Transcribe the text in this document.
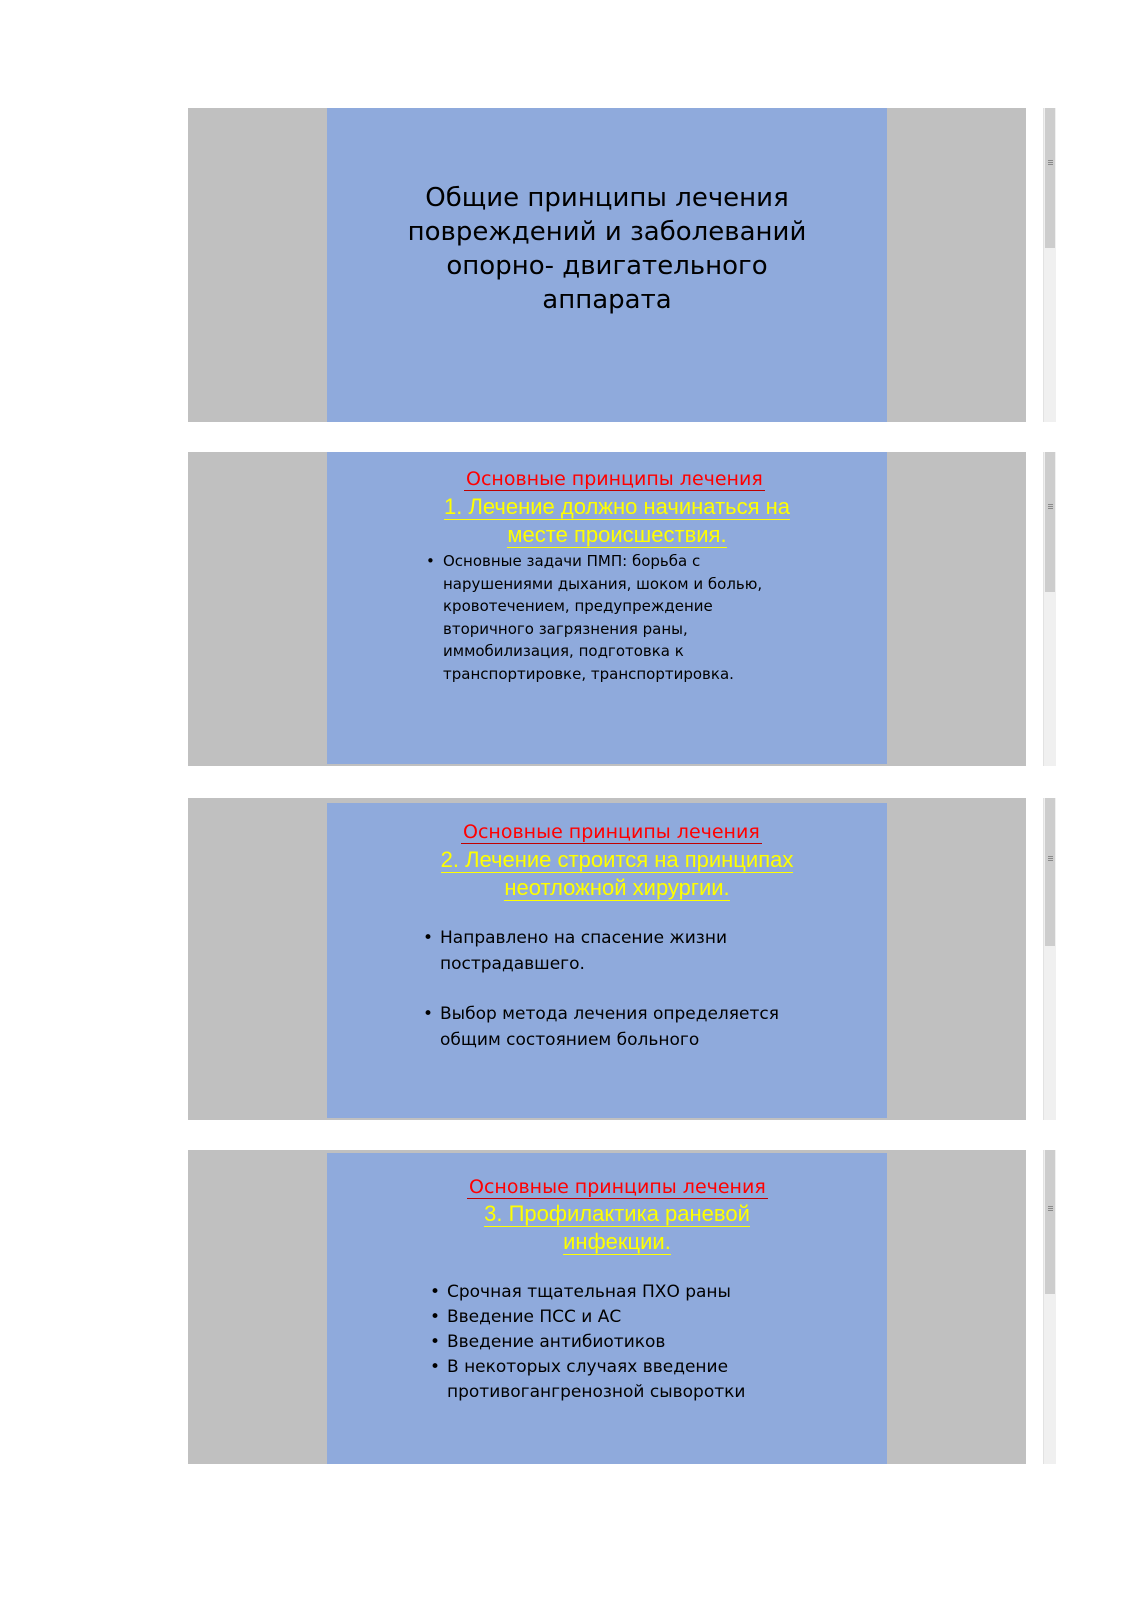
Общие принципы лечения
повреждений и заболеваний
опорно- двигательного
аппарата
Основные принципы лечения
1. Лечение должно начинаться на
месте происшествия.
• Основные задачи ПМП: борьба с нарушениями дыхания, шоком и болью, кровотечением, предупреждение вторичного загрязнения раны, иммобилизация, подготовка к транспортировке, транспортировка.
Основные принципы лечения
2. Лечение строится на принципах
неотложной хирургии.
• Направлено на спасение жизни пострадавшего.
• Выбор метода лечения определяется общим состоянием больного
Основные принципы лечения
3. Профилактика раневой
инфекции.
• Срочная тщательная ПХО раны
• Введение ПСС и АС
• Введение антибиотиков
• В некоторых случаях введение противогангренозной сыворотки
